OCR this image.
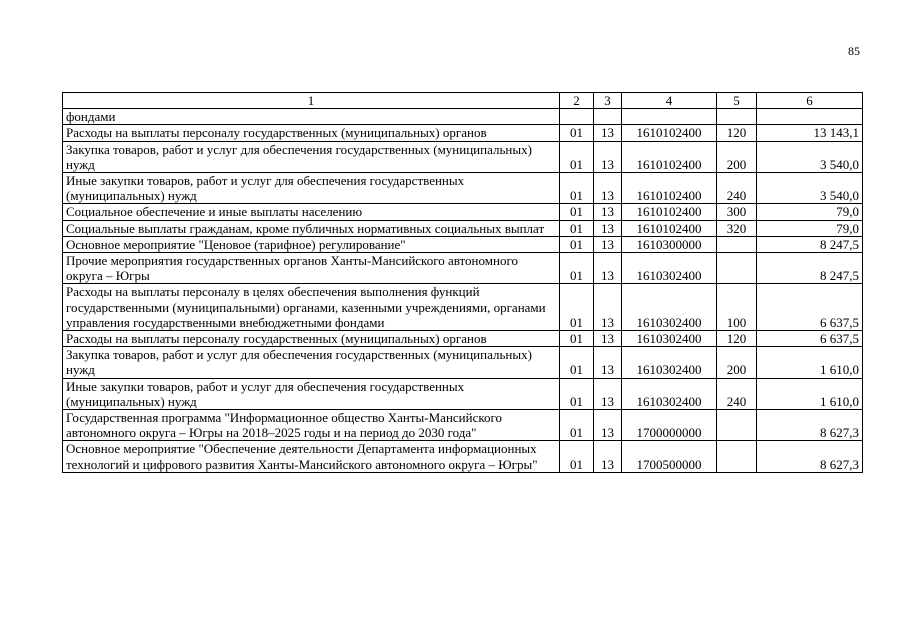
85
1	2	3	4	5	6
фондами					
Расходы на выплаты персоналу государственных (муниципальных) органов	01	13	1610102400	120	13 143,1
Закупка товаров, работ и услуг для обеспечения государственных (муниципальных) нужд	01	13	1610102400	200	3 540,0
Иные закупки товаров, работ и услуг для обеспечения государственных (муниципальных) нужд	01	13	1610102400	240	3 540,0
Социальное обеспечение и иные выплаты населению	01	13	1610102400	300	79,0
Социальные выплаты гражданам, кроме публичных нормативных социальных выплат	01	13	1610102400	320	79,0
Основное мероприятие "Ценовое (тарифное) регулирование"	01	13	1610300000		8 247,5
Прочие мероприятия государственных органов Ханты-Мансийского автономного округа – Югры	01	13	1610302400		8 247,5
Расходы на выплаты персоналу в целях обеспечения выполнения функций государственными (муниципальными) органами, казенными учреждениями, органами управления государственными внебюджетными фондами	01	13	1610302400	100	6 637,5
Расходы на выплаты персоналу государственных (муниципальных) органов	01	13	1610302400	120	6 637,5
Закупка товаров, работ и услуг для обеспечения государственных (муниципальных) нужд	01	13	1610302400	200	1 610,0
Иные закупки товаров, работ и услуг для обеспечения государственных (муниципальных) нужд	01	13	1610302400	240	1 610,0
Государственная программа "Информационное общество Ханты-Мансийского автономного округа – Югры на 2018–2025 годы и на период до 2030 года"	01	13	1700000000		8 627,3
Основное мероприятие "Обеспечение деятельности Департамента информационных технологий и цифрового развития Ханты-Мансийского автономного округа – Югры"	01	13	1700500000		8 627,3
